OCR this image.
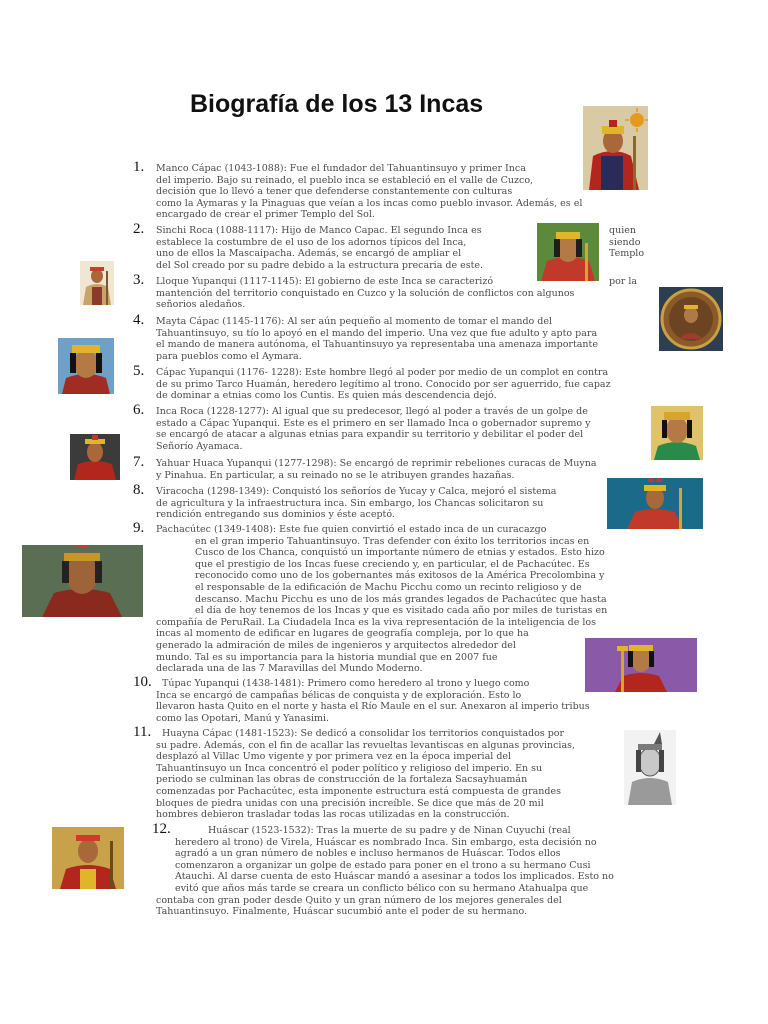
Biografía de los 13 Incas
1. Manco Cápac (1043-1088): Fue el fundador del Tahuantinsuyo y primer Inca
del imperio. Bajo su reinado, el pueblo inca se estableció en el valle de Cuzco,
decisión que lo llevó a tener que defenderse constantemente con culturas
como la Aymaras y la Pinaguas que veían a los incas como pueblo invasor. Además, es el
encargado de crear el primer Templo del Sol.
2. Sinchi Roca (1088-1117): Hijo de Manco Capac. El segundo Inca es
establece la costumbre de el uso de los adornos típicos del Inca,
uno de ellos la Mascaipacha. Además, se encargó de ampliar el
del Sol creado por su padre debido a la estructura precaria de este.
quien
siendo
Templo
3. Lloque Yupanqui (1117-1145): El gobierno de este Inca se caracterizó
mantención del territorio conquistado en Cuzco y la solución de conflictos con algunos
señorios aledaños.
por la
4. Mayta Cápac (1145-1176): Al ser aún pequeño al momento de tomar el mando del
Tahuantinsuyo, su tío lo apoyó en el mando del imperio. Una vez que fue adulto y apto para
el mando de manera autónoma, el Tahuantinsuyo ya representaba una amenaza importante
para pueblos como el Aymara.
5. Cápac Yupanqui (1176- 1228): Este hombre llegó al poder por medio de un complot en contra
de su primo Tarco Huamán, heredero legítimo al trono. Conocido por ser aguerrido, fue capaz
de dominar a etnias como los Cuntis. Es quien más descendencia dejó.
6. Inca Roca (1228-1277): Al igual que su predecesor, llegó al poder a través de un golpe de
estado a Cápac Yupanqui. Este es el primero en ser llamado Inca o gobernador supremo y
se encargó de atacar a algunas etnias para expandir su territorio y debilitar el poder del
Señorío Ayamaca.
7. Yahuar Huaca Yupanqui (1277-1298): Se encargó de reprimir rebeliones curacas de Muyna
y Pinahua. En particular, a su reinado no se le atribuyen grandes hazañas.
8. Viracocha (1298-1349): Conquistó los señoríos de Yucay y Calca, mejoró el sistema
de agricultura y la infraestructura inca. Sin embargo, los Chancas solicitaron su
rendición entregando sus dominios y éste aceptó.
9. Pachacútec (1349-1408): Este fue quien convirtió el estado inca de un curacazgo
en el gran imperio Tahuantinsuyo. Tras defender con éxito los territorios incas en
Cusco de los Chanca, conquistó un importante número de etnias y estados. Esto hizo
que el prestigio de los Incas fuese creciendo y, en particular, el de Pachacútec. Es
reconocido como uno de los gobernantes más exitosos de la América Precolombina y
el responsable de la edificación de Machu Picchu como un recinto religioso y de
descanso. Machu Picchu es uno de los más grandes legados de Pachacútec que hasta
el día de hoy tenemos de los Incas y que es visitado cada año por miles de turistas en
compañía de PeruRail. La Ciudadela Inca es la viva representación de la inteligencia de los
incas al momento de edificar en lugares de geografía compleja, por lo que ha
generado la admiración de miles de ingenieros y arquitectos alrededor del
mundo. Tal es su importancia para la historia mundial que en 2007 fue
declarada una de las 7 Maravillas del Mundo Moderno.
10.	Túpac Yupanqui (1438-1481): Primero como heredero al trono y luego como
Inca se encargó de campañas bélicas de conquista y de exploración. Esto lo
llevaron hasta Quito en el norte y hasta el Río Maule en el sur. Anexaron al imperio tribus
como las Opotari, Manú y Yanasimi.
11.	Huayna Cápac (1481-1523): Se dedicó a consolidar los territorios conquistados por
su padre. Además, con el fin de acallar las revueltas levantiscas en algunas provincias,
desplazó al Villac Umo vigente y por primera vez en la época imperial del
Tahuantinsuyo un Inca concentró el poder político y religioso del imperio. En su
periodo se culminan las obras de construcción de la fortaleza Sacsayhuamán
comenzadas por Pachacútec, esta imponente estructura está compuesta de grandes
bloques de piedra unidas con una precisión increíble. Se dice que más de 20 mil
hombres debieron trasladar todas las rocas utilizadas en la construcción.
12.	Huáscar (1523-1532): Tras la muerte de su padre y de Ninan Cuyuchi (real
heredero al trono) de Virela, Huáscar es nombrado Inca. Sin embargo, esta decisión no
agradó a un gran número de nobles e incluso hermanos de Huáscar. Todos ellos
comenzaron a organizar un golpe de estado para poner en el trono a su hermano Cusi
Atauchi. Al darse cuenta de esto Huáscar mandó a asesinar a todos los implicados. Esto no
evitó que años más tarde se creara un conflicto bélico con su hermano Atahualpa que
contaba con gran poder desde Quito y un gran número de los mejores generales del
Tahuantinsuyo. Finalmente, Huáscar sucumbió ante el poder de su hermano.
